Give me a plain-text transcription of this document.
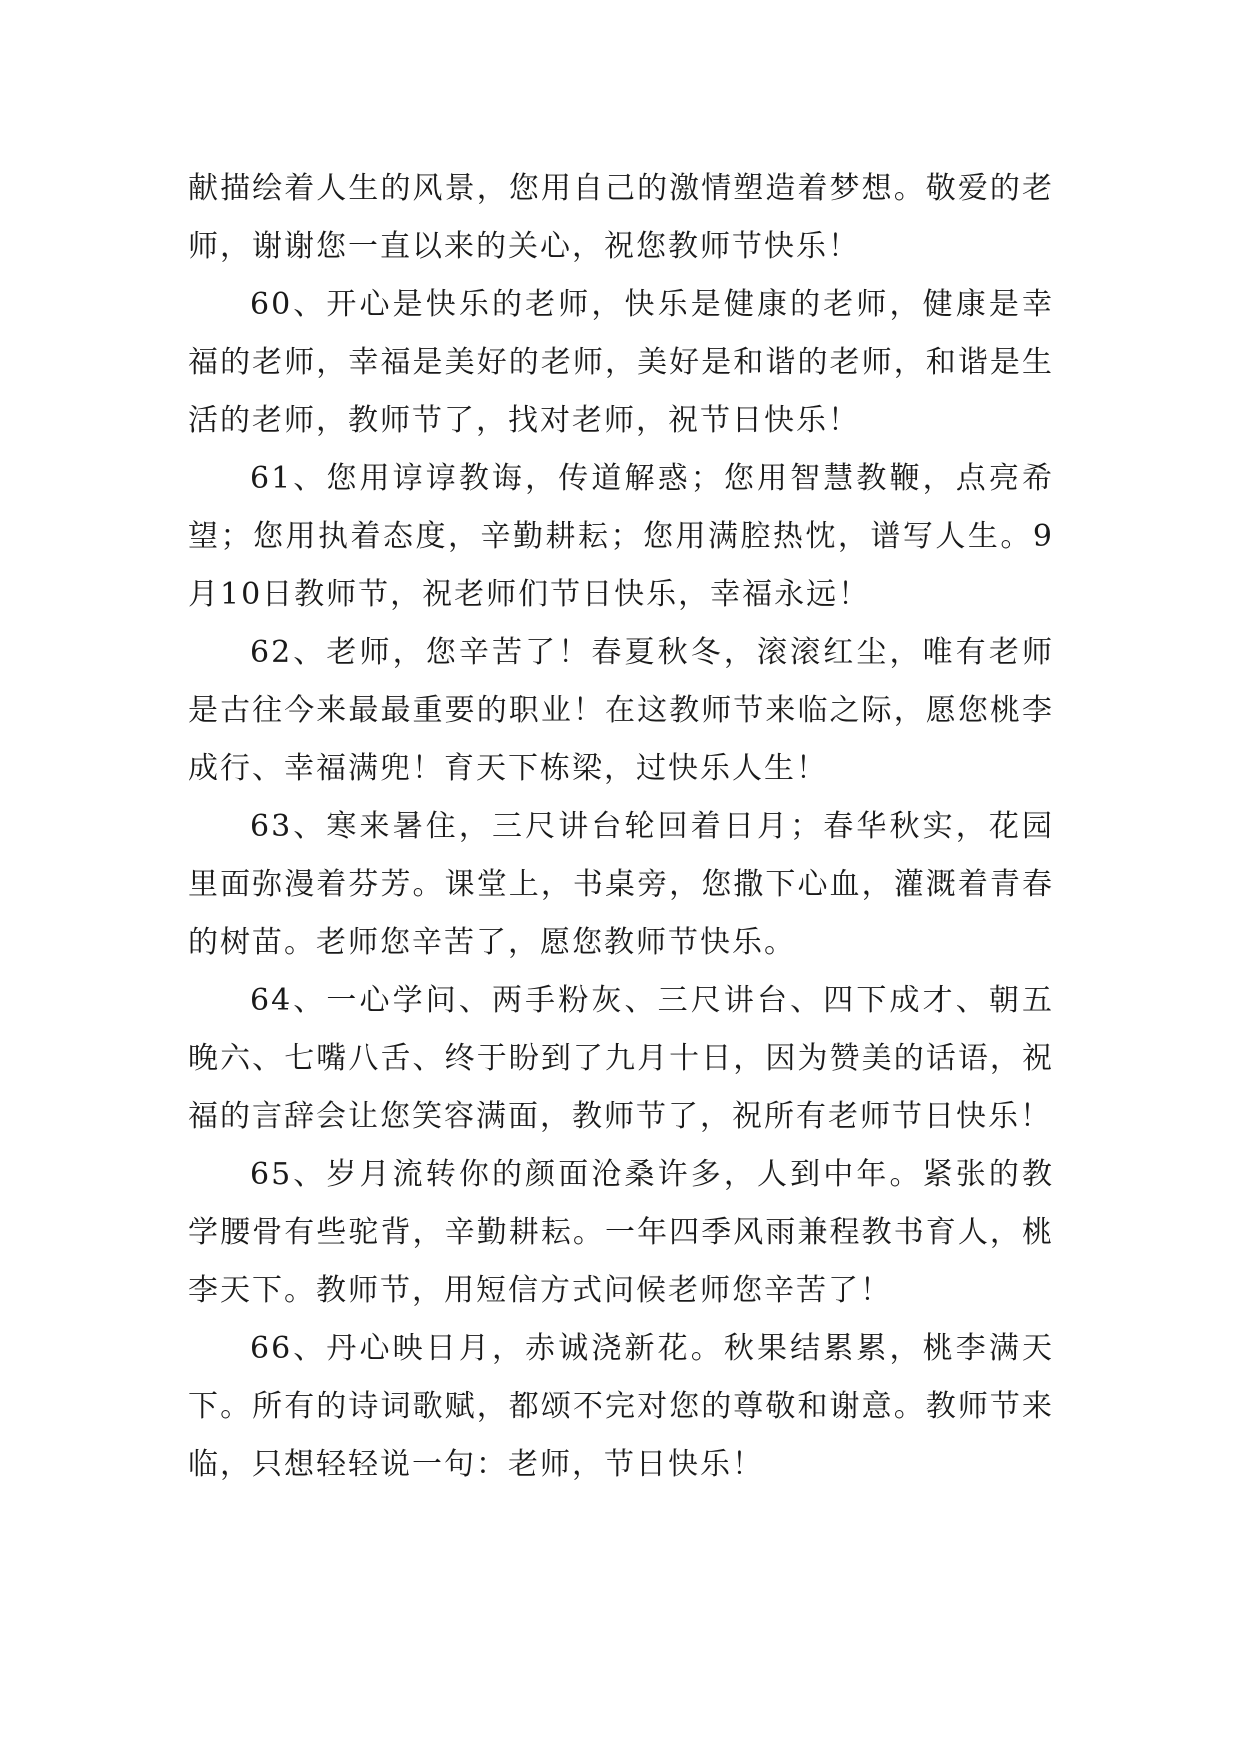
献描绘着人生的风景，您用自己的激情塑造着梦想。敬爱的老师，谢谢您一直以来的关心，祝您教师节快乐！

60、开心是快乐的老师，快乐是健康的老师，健康是幸福的老师，幸福是美好的老师，美好是和谐的老师，和谐是生活的老师，教师节了，找对老师，祝节日快乐！

61、您用谆谆教诲，传道解惑；您用智慧教鞭，点亮希望；您用执着态度，辛勤耕耘；您用满腔热忱，谱写人生。9月10日教师节，祝老师们节日快乐，幸福永远！

62、老师，您辛苦了！春夏秋冬，滚滚红尘，唯有老师是古往今来最最重要的职业！在这教师节来临之际，愿您桃李成行、幸福满兜！育天下栋梁，过快乐人生！

63、寒来暑住，三尺讲台轮回着日月；春华秋实，花园里面弥漫着芬芳。课堂上，书桌旁，您撒下心血，灌溉着青春的树苗。老师您辛苦了，愿您教师节快乐。

64、一心学问、两手粉灰、三尺讲台、四下成才、朝五晚六、七嘴八舌、终于盼到了九月十日，因为赞美的话语，祝福的言辞会让您笑容满面，教师节了，祝所有老师节日快乐！

65、岁月流转你的颜面沧桑许多，人到中年。紧张的教学腰骨有些驼背，辛勤耕耘。一年四季风雨兼程教书育人，桃李天下。教师节，用短信方式问候老师您辛苦了！

66、丹心映日月，赤诚浇新花。秋果结累累，桃李满天下。所有的诗词歌赋，都颂不完对您的尊敬和谢意。教师节来临，只想轻轻说一句：老师，节日快乐！
